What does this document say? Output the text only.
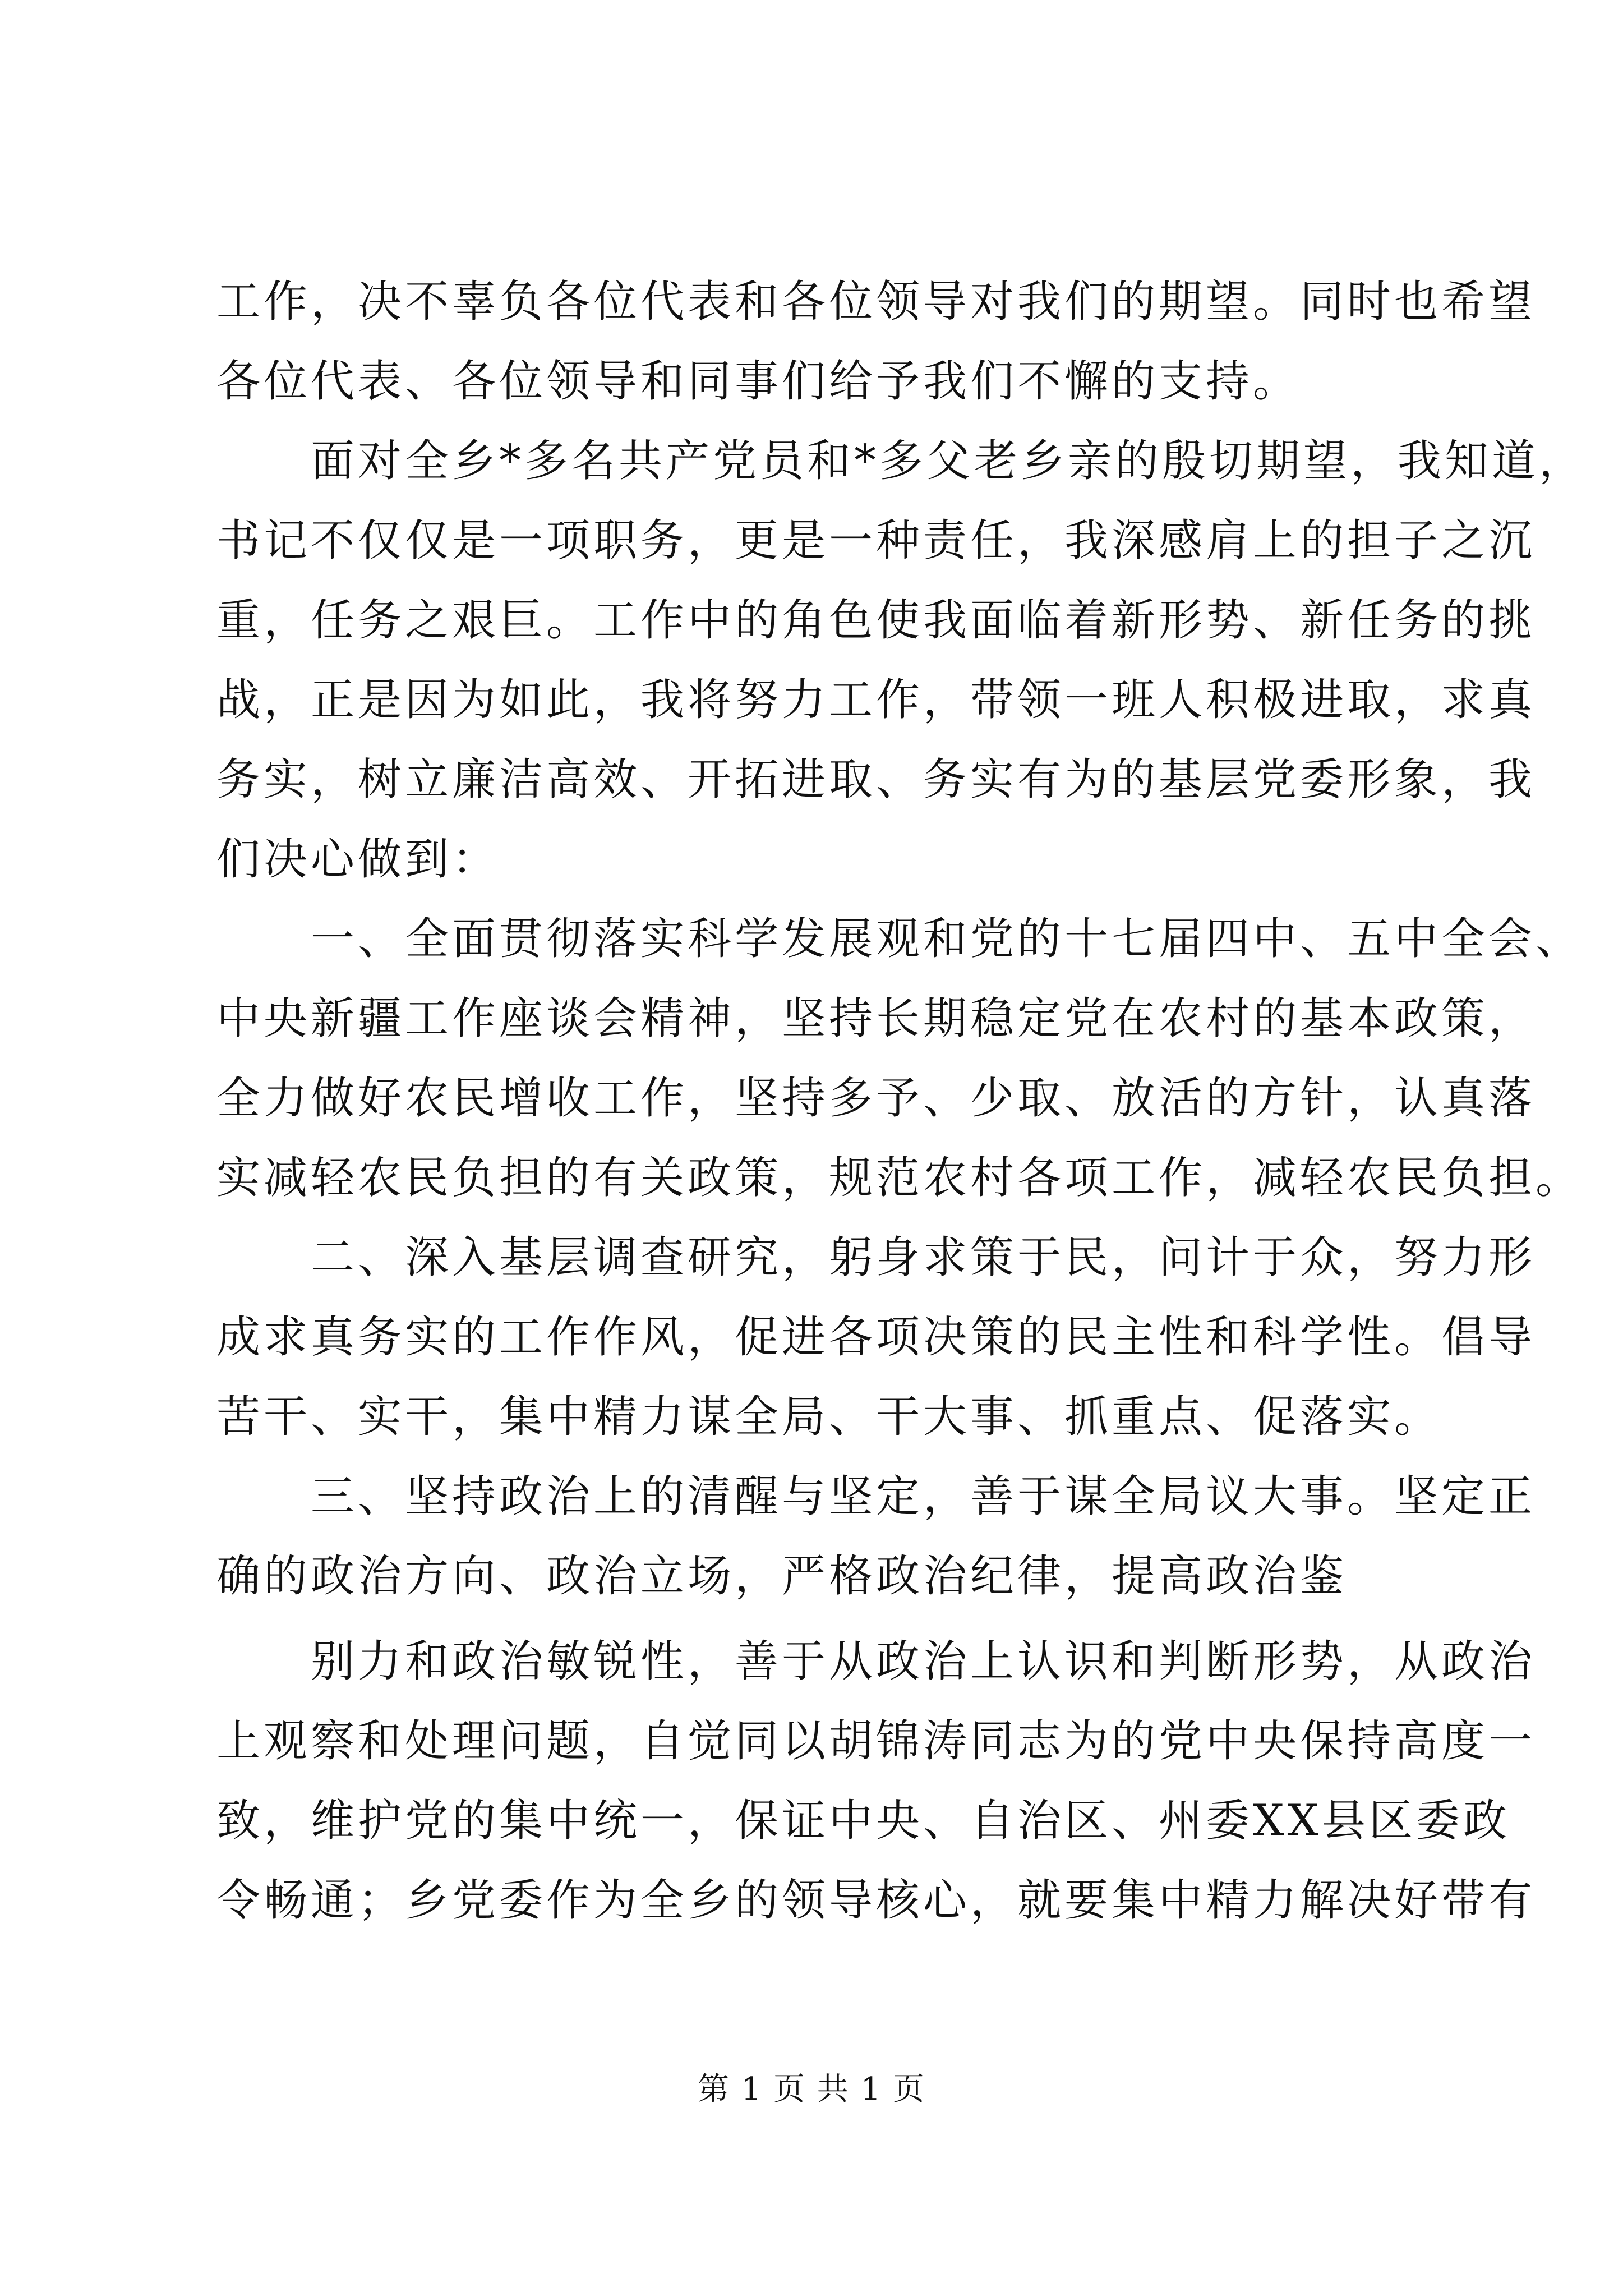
工作，决不辜负各位代表和各位领导对我们的期望。同时也希望
各位代表、各位领导和同事们给予我们不懈的支持。
　　面对全乡*多名共产党员和*多父老乡亲的殷切期望，我知道，
书记不仅仅是一项职务，更是一种责任，我深感肩上的担子之沉
重，任务之艰巨。工作中的角色使我面临着新形势、新任务的挑
战，正是因为如此，我将努力工作，带领一班人积极进取，求真
务实，树立廉洁高效、开拓进取、务实有为的基层党委形象，我
们决心做到：
　　一、全面贯彻落实科学发展观和党的十七届四中、五中全会、
中央新疆工作座谈会精神，坚持长期稳定党在农村的基本政策，
全力做好农民增收工作，坚持多予、少取、放活的方针，认真落
实减轻农民负担的有关政策，规范农村各项工作，减轻农民负担。
　　二、深入基层调查研究，躬身求策于民，问计于众，努力形
成求真务实的工作作风，促进各项决策的民主性和科学性。倡导
苦干、实干，集中精力谋全局、干大事、抓重点、促落实。
　　三、坚持政治上的清醒与坚定，善于谋全局议大事。坚定正
确的政治方向、政治立场，严格政治纪律，提高政治鉴
　　别力和政治敏锐性，善于从政治上认识和判断形势，从政治
上观察和处理问题，自觉同以胡锦涛同志为的党中央保持高度一
致，维护党的集中统一，保证中央、自治区、州委XX县区委政
令畅通；乡党委作为全乡的领导核心，就要集中精力解决好带有
第 1 页 共 1 页
